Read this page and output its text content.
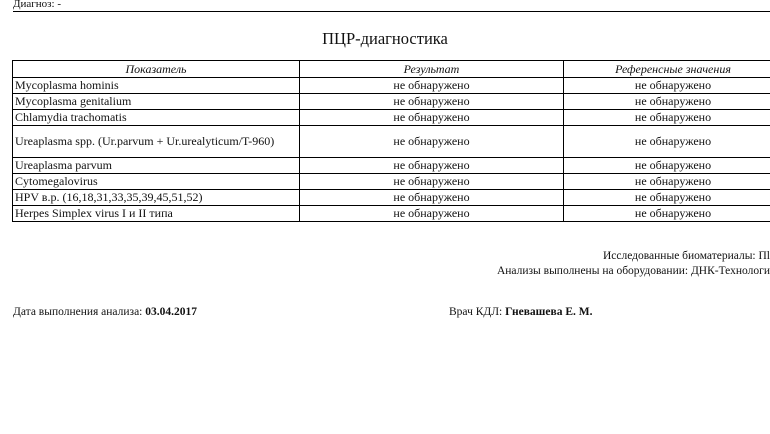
Диагноз: -
ПЦР-диагностика
Показатель	Результат	Референсные значения
Mycoplasma hominis	не обнаружено	не обнаружено
Mycoplasma genitalium	не обнаружено	не обнаружено
Chlamydia trachomatis	не обнаружено	не обнаружено
Ureaplasma spp. (Ur.parvum + Ur.urealyticum/T-960)	не обнаружено	не обнаружено
Ureaplasma parvum	не обнаружено	не обнаружено
Cytomegalovirus	не обнаружено	не обнаружено
HPV в.р. (16,18,31,33,35,39,45,51,52)	не обнаружено	не обнаружено
Herpes Simplex virus I и II типа	не обнаружено	не обнаружено
Исследованные биоматериалы: Пl
Анализы выполнены на оборудовании: ДНК-Технологи
Дата выполнения анализа: 03.04.2017	Врач КДЛ: Гневашева Е. М.
